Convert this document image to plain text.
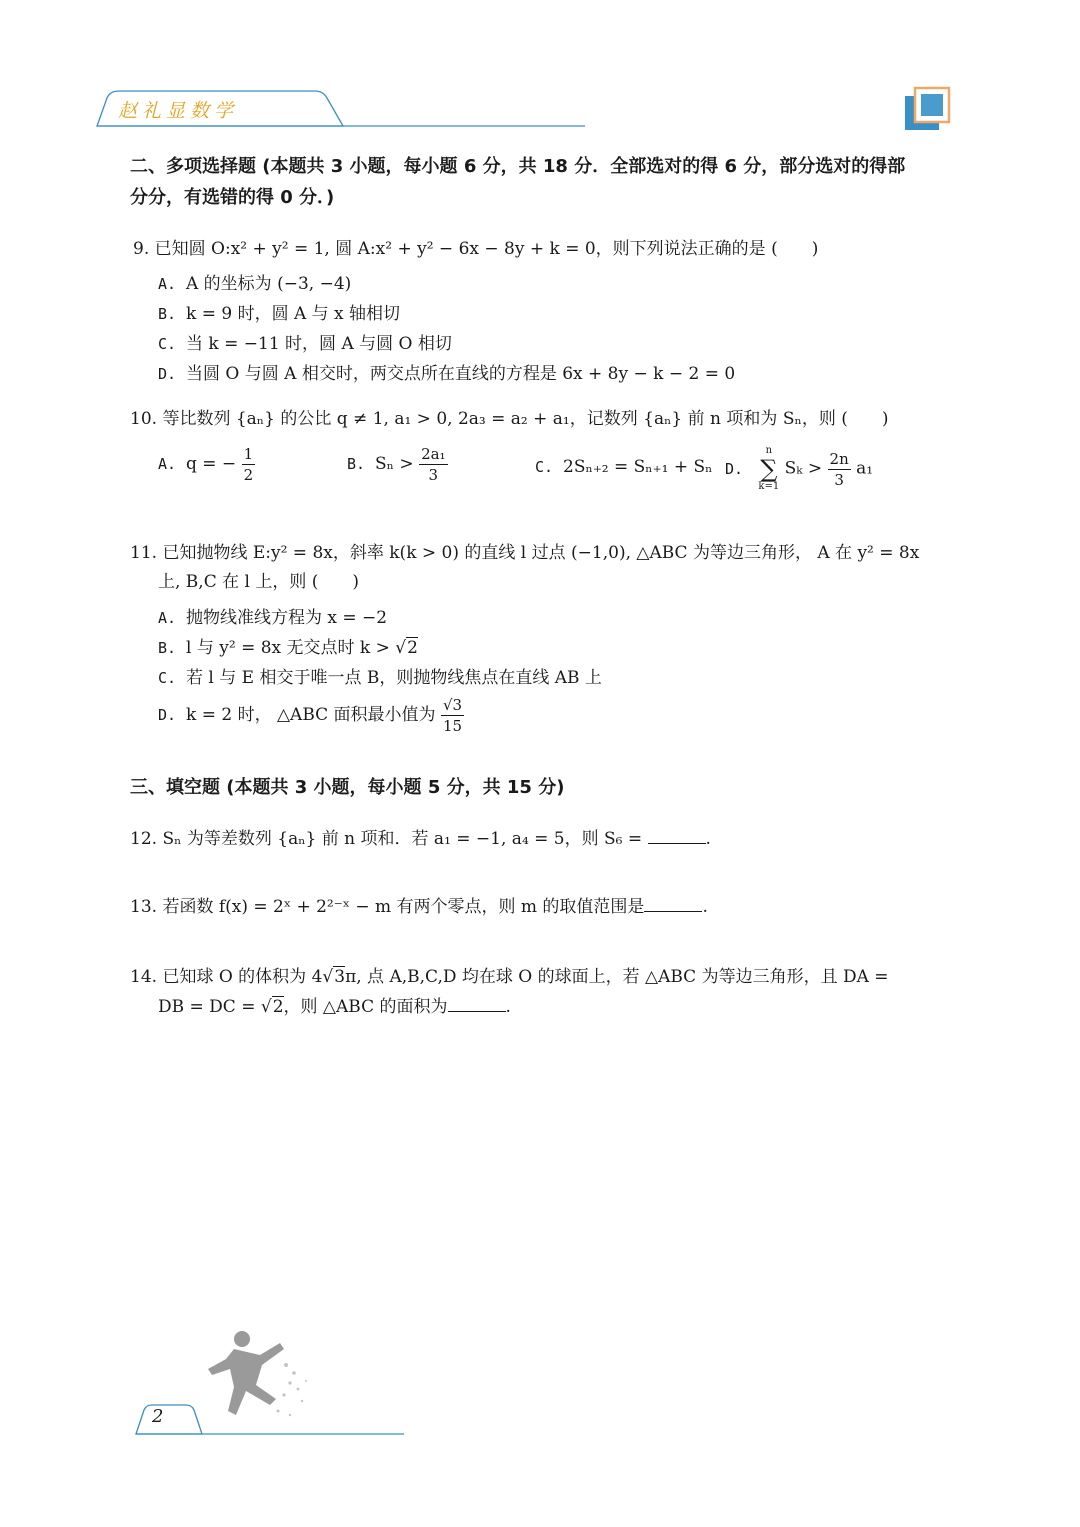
赵礼显数学
二、多项选择题 (本题共 3 小题，每小题 6 分，共 18 分．全部选对的得 6 分，部分选对的得部
分分，有选错的得 0 分．)
9. 已知圆 O:x² + y² = 1, 圆 A:x² + y² − 6x − 8y + k = 0，则下列说法正确的是 (　　)
A. A 的坐标为 (−3, −4)
B. k = 9 时，圆 A 与 x 轴相切
C. 当 k = −11 时，圆 A 与圆 O 相切
D. 当圆 O 与圆 A 相交时，两交点所在直线的方程是 6x + 8y − k − 2 = 0
10. 等比数列 {aₙ} 的公比 q ≠ 1, a₁ > 0, 2a₃ = a₂ + a₁，记数列 {aₙ} 前 n 项和为 Sₙ，则 (　　)
A. q = − $\frac{1}{2}$	B. $S_n > \frac{\text{2a₁}}{3}$	C. 2Sₙ₊₂ = Sₙ₊₁ + Sₙ D.
n
∑
k=1
$S_k > \frac{2n}{3} a_1$
11. 已知抛物线 E:y² = 8x，斜率 k(k > 0) 的直线 l 过点 (−1,0), △ABC 为等边三角形， A 在 y² = 8x
上, B,C 在 l 上，则 (　　)
A. 抛物线准线方程为 x = −2
B. l 与 y² = 8x 无交点时 k > √2
C. 若 l 与 E 相交于唯一点 B，则抛物线焦点在直线 AB 上
D. k = 2 时， △ABC 面积最小值为 $\frac{√3}{15}$
三、填空题 (本题共 3 小题，每小题 5 分，共 15 分)
12. Sₙ 为等差数列 {aₙ} 前 n 项和．若 a₁ = −1, a₄ = 5，则 S₆ =	.
13. 若函数 f(x) = 2ˣ + 2²⁻ˣ − m 有两个零点，则 m 的取值范围是	.
14. 已知球 O 的体积为 4√3π, 点 A,B,C,D 均在球 O 的球面上，若 △ABC 为等边三角形，且 DA =
DB = DC = √2，则 △ABC 的面积为	.
2
